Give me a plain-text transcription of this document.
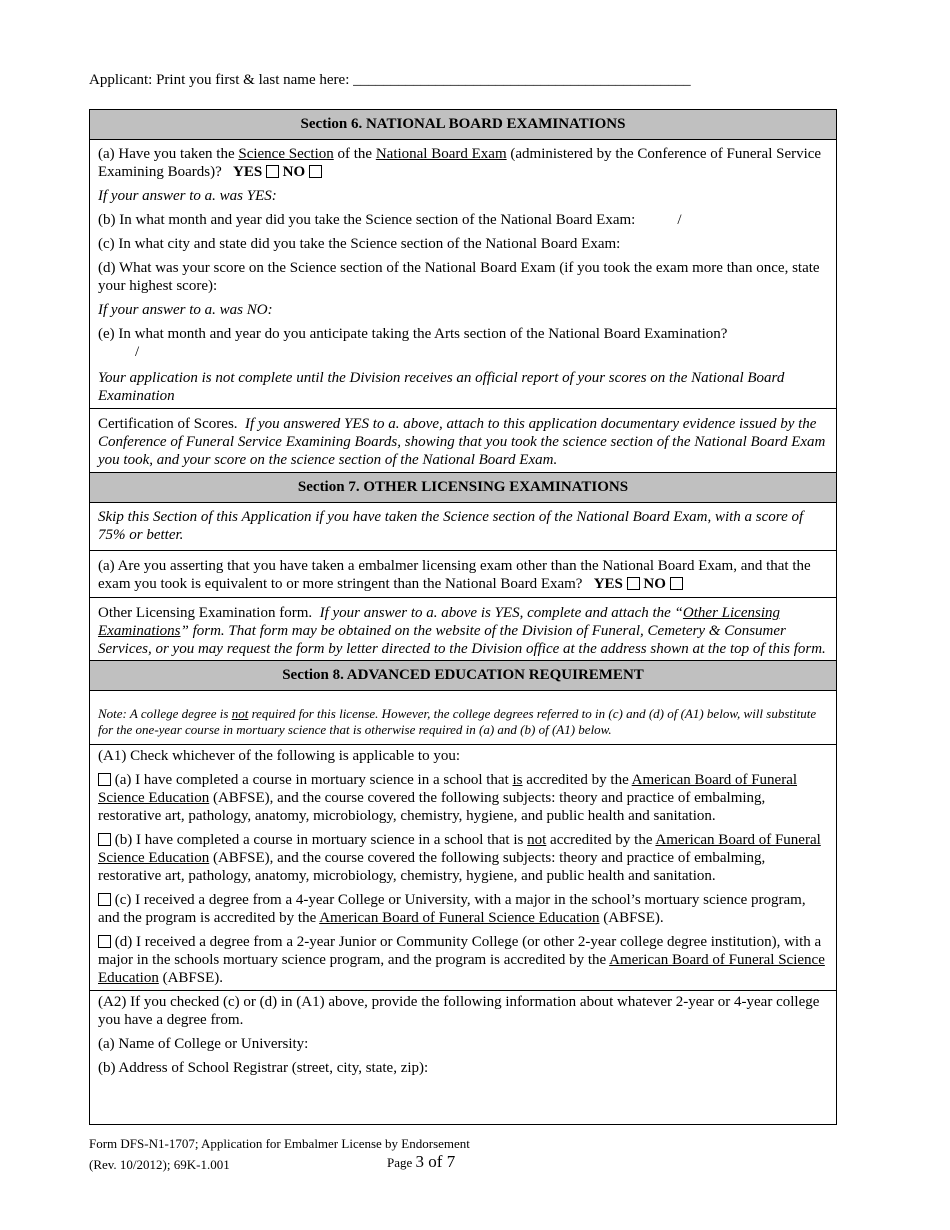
Applicant: Print you first & last name here: _____________________________________________
Section 6. NATIONAL BOARD EXAMINATIONS

(a) Have you taken the Science Section of the National Board Exam (administered by the Conference of Funeral Service Examining Boards)? YES NO

If your answer to a. was YES:

(b) In what month and year did you take the Science section of the National Board Exam:	/

(c) In what city and state did you take the Science section of the National Board Exam:

(d) What was your score on the Science section of the National Board Exam (if you took the exam more than once, state your highest score):

If your answer to a. was NO:

(e) In what month and year do you anticipate taking the Arts section of the National Board Examination?
/

Your application is not complete until the Division receives an official report of your scores on the National Board Examination

Certification of Scores. If you answered YES to a. above, attach to this application documentary evidence issued by the Conference of Funeral Service Examining Boards, showing that you took the science section of the National Board Exam you took, and your score on the science section of the National Board Exam.

Section 7. OTHER LICENSING EXAMINATIONS
Skip this Section of this Application if you have taken the Science section of the National Board Exam, with a score of 75% or better.

(a) Are you asserting that you have taken a embalmer licensing exam other than the National Board Exam, and that the exam you took is equivalent to or more stringent than the National Board Exam? YES NO

Other Licensing Examination form.  If your answer to a. above is YES, complete and attach the “Other Licensing Examinations” form. That form may be obtained on the website of the Division of Funeral, Cemetery & Consumer Services, or you may request the form by letter directed to the Division office at the address shown at the top of this form.

Section 8. ADVANCED EDUCATION REQUIREMENT
Note: A college degree is not required for this license. However, the college degrees referred to in (c) and (d) of (A1) below, will substitute for the one-year course in mortuary science that is otherwise required in (a) and (b) of (A1) below.

(A1) Check whichever of the following is applicable to you:

(a) I have completed a course in mortuary science in a school that is accredited by the American Board of Funeral Science Education (ABFSE), and the course covered the following subjects: theory and practice of embalming, restorative art, pathology, anatomy, microbiology, chemistry, hygiene, and public health and sanitation.

(b) I have completed a course in mortuary science in a school that is not accredited by the American Board of Funeral Science Education (ABFSE), and the course covered the following subjects: theory and practice of embalming, restorative art, pathology, anatomy, microbiology, chemistry, hygiene, and public health and sanitation.

(c) I received a degree from a 4-year College or University, with a major in the school’s mortuary science program, and the program is accredited by the American Board of Funeral Science Education (ABFSE).

(d) I received a degree from a 2-year Junior or Community College (or other 2-year college degree institution), with a major in the schools mortuary science program, and the program is accredited by the American Board of Funeral Science Education (ABFSE).

(A2) If you checked (c) or (d) in (A1) above, provide the following information about whatever 2-year or 4-year college you have a degree from.

(a) Name of College or University:

(b) Address of School Registrar (street, city, state, zip):

Form DFS-N1-1707; Application for Embalmer License by Endorsement
(Rev. 10/2012); 69K-1.001	Page 3 of 7
